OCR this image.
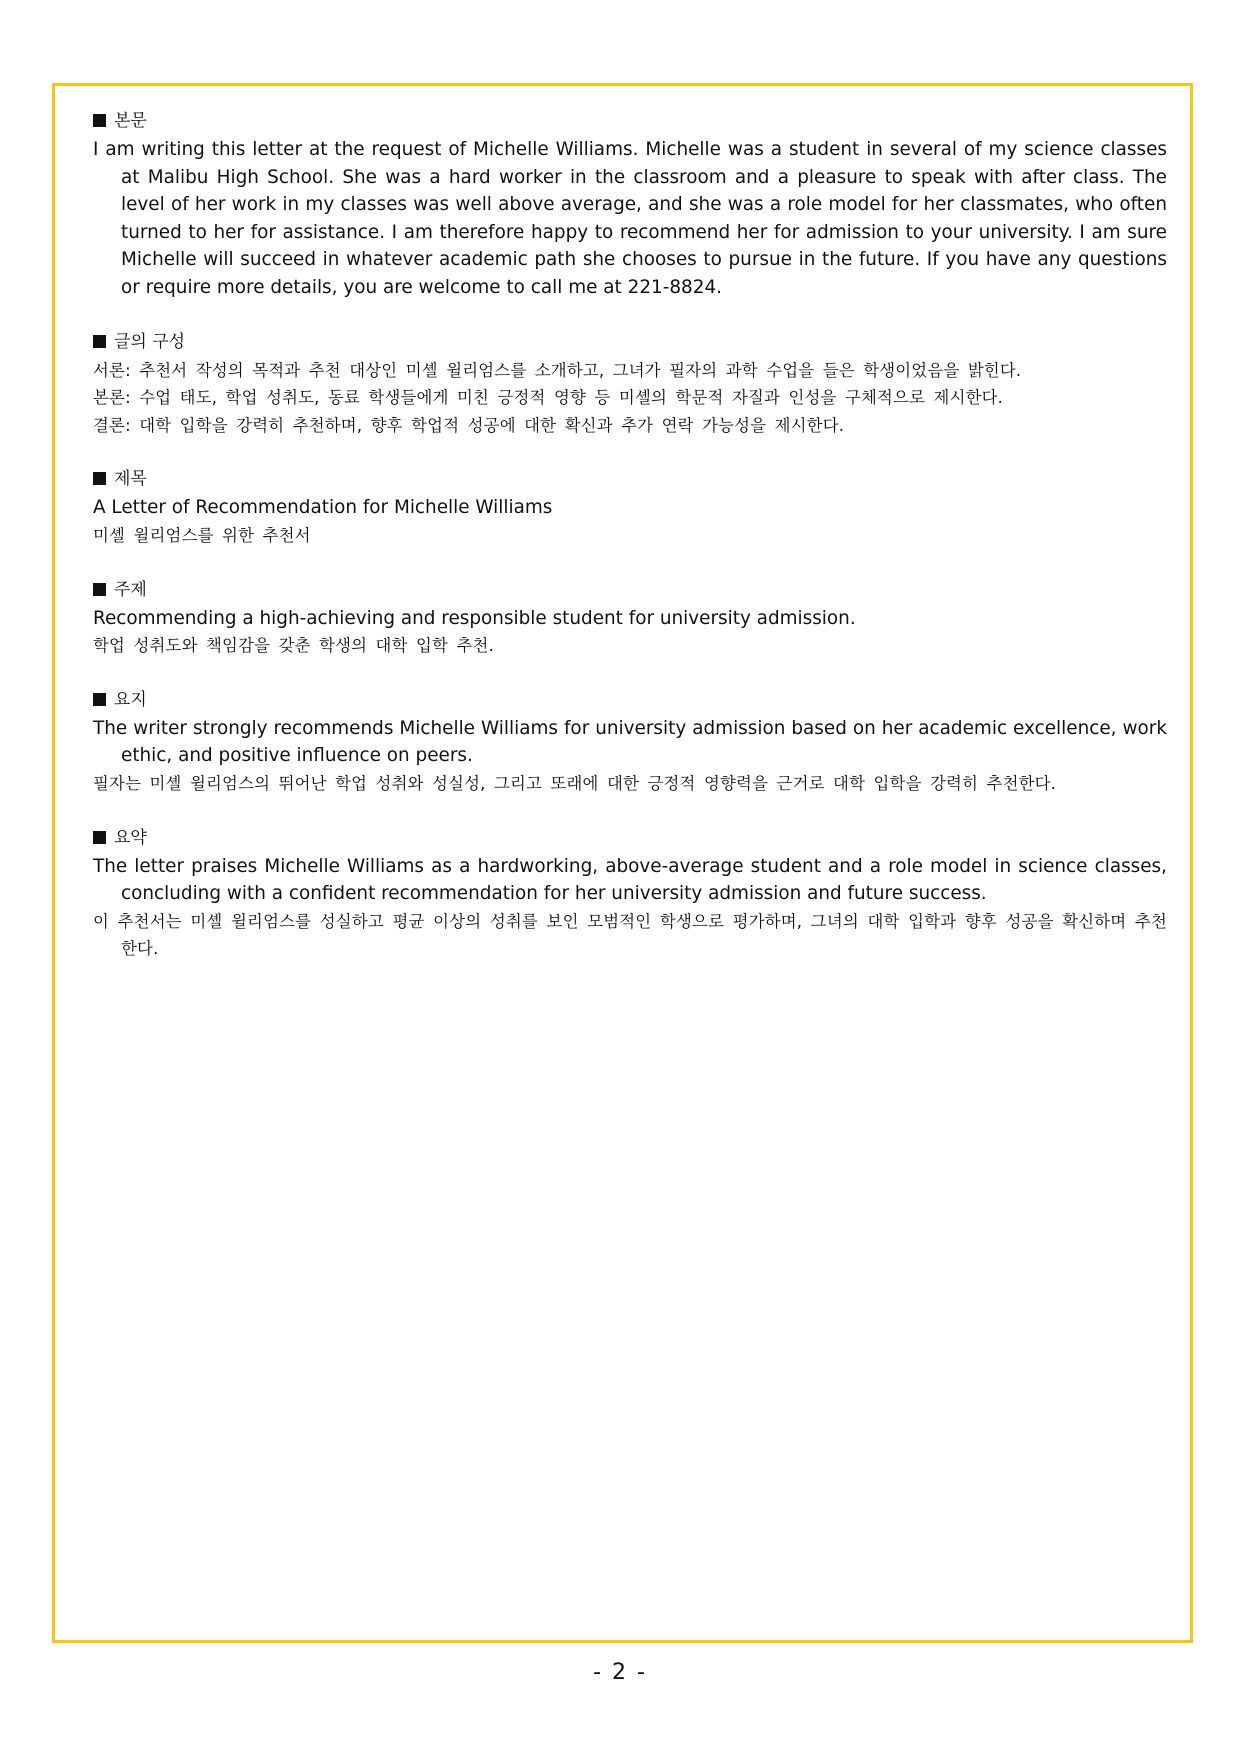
본문
I am writing this letter at the request of Michelle Williams. Michelle was a student in several of my science classes at Malibu High School. She was a hard worker in the classroom and a pleasure to speak with after class. The level of her work in my classes was well above average, and she was a role model for her classmates, who often turned to her for assistance. I am therefore happy to recommend her for admission to your university. I am sure Michelle will succeed in whatever academic path she chooses to pursue in the future. If you have any questions or require more details, you are welcome to call me at 221-8824.
글의 구성
서론: 추천서 작성의 목적과 추천 대상인 미셸 윌리엄스를 소개하고, 그녀가 필자의 과학 수업을 들은 학생이었음을 밝힌다.
본론: 수업 태도, 학업 성취도, 동료 학생들에게 미친 긍정적 영향 등 미셸의 학문적 자질과 인성을 구체적으로 제시한다.
결론: 대학 입학을 강력히 추천하며, 향후 학업적 성공에 대한 확신과 추가 연락 가능성을 제시한다.
제목
A Letter of Recommendation for Michelle Williams
미셸 윌리엄스를 위한 추천서
주제
Recommending a high-achieving and responsible student for university admission.
학업 성취도와 책임감을 갖춘 학생의 대학 입학 추천.
요지
The writer strongly recommends Michelle Williams for university admission based on her academic excellence, work ethic, and positive influence on peers.
필자는 미셸 윌리엄스의 뛰어난 학업 성취와 성실성, 그리고 또래에 대한 긍정적 영향력을 근거로 대학 입학을 강력히 추천한다.
요약
The letter praises Michelle Williams as a hardworking, above-average student and a role model in science classes, concluding with a confident recommendation for her university admission and future success.
이 추천서는 미셸 윌리엄스를 성실하고 평균 이상의 성취를 보인 모범적인 학생으로 평가하며, 그녀의 대학 입학과 향후 성공을 확신하며 추천한다.
- 2 -
